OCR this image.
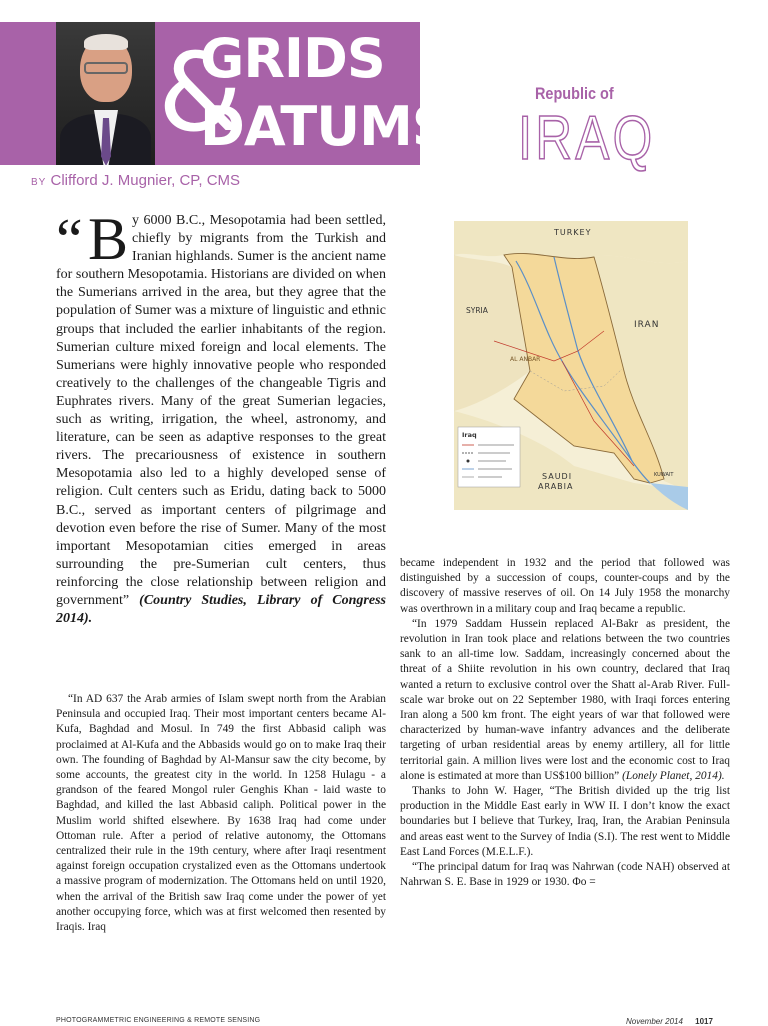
&
GRIDS
DATUMS
BY Clifford J. Mugnier, CP, CMS
Republic of
IRAQ
“ By 6000 B.C., Mesopotamia had been settled, chiefly by migrants from the Turkish and Iranian highlands. Sumer is the ancient name for southern Mesopotamia. Historians are divided on when the Sumerians arrived in the area, but they agree that the population of Sumer was a mixture of linguistic and ethnic groups that included the earlier inhabitants of the region. Sumerian culture mixed foreign and local elements. The Sumerians were highly innovative people who responded creatively to the challenges of the changeable Tigris and Euphrates rivers. Many of the great Sumerian legacies, such as writing, irrigation, the wheel, astronomy, and literature, can be seen as adaptive responses to the great rivers. The precariousness of existence in southern Mesopotamia also led to a highly developed sense of religion. Cult centers such as Eridu, dating back to 5000 B.C., served as important centers of pilgrimage and devotion even before the rise of Sumer. Many of the most important Mesopotamian cities emerged in areas surrounding the pre-Sumerian cult centers, thus reinforcing the close relationship between religion and government” (Country Studies, Library of Congress 2014).

“In AD 637 the Arab armies of Islam swept north from the Arabian Peninsula and occupied Iraq. Their most important centers became Al-Kufa, Baghdad and Mosul. In 749 the first Abbasid caliph was proclaimed at Al-Kufa and the Abbasids would go on to make Iraq their own. The founding of Baghdad by Al-Mansur saw the city become, by some accounts, the greatest city in the world. In 1258 Hulagu - a grandson of the feared Mongol ruler Genghis Khan - laid waste to Baghdad, and killed the last Abbasid caliph. Political power in the Muslim world shifted elsewhere. By 1638 Iraq had come under Ottoman rule. After a period of relative autonomy, the Ottomans centralized their rule in the 19th century, where after Iraqi resentment against foreign occupation crystalized even as the Ottomans undertook a massive program of modernization. The Ottomans held on until 1920, when the arrival of the British saw Iraq come under the power of yet another occupying force, which was at first welcomed then resented by Iraqis. Iraq

TURKEY
SYRIA
IRAN
AL ANBAR
KUWAIT
SAUDI
ARABIA
Iraq

became independent in 1932 and the period that followed was distinguished by a succession of coups, counter-coups and by the discovery of massive reserves of oil. On 14 July 1958 the monarchy was overthrown in a military coup and Iraq became a republic.

“In 1979 Saddam Hussein replaced Al-Bakr as president, the revolution in Iran took place and relations between the two countries sank to an all-time low. Saddam, increasingly concerned about the threat of a Shiite revolution in his own country, declared that Iraq wanted a return to exclusive control over the Shatt al-Arab River. Full-scale war broke out on 22 September 1980, with Iraqi forces entering Iran along a 500 km front. The eight years of war that followed were characterized by human-wave infantry advances and the deliberate targeting of urban residential areas by enemy artillery, all for little territorial gain. A million lives were lost and the economic cost to Iraq alone is estimated at more than US$100 billion” (Lonely Planet, 2014).

Thanks to John W. Hager, “The British divided up the trig list production in the Middle East early in WW II. I don’t know the exact boundaries but I believe that Turkey, Iraq, Iran, the Arabian Peninsula and areas east went to the Survey of India (S.I). The rest went to Middle East Land Forces (M.E.L.F.).

“The principal datum for Iraq was Nahrwan (code NAH) observed at Nahrwan S. E. Base in 1929 or 1930. Φo =

PHOTOGRAMMETRIC ENGINEERING & REMOTE SENSING	November 2014 1017
